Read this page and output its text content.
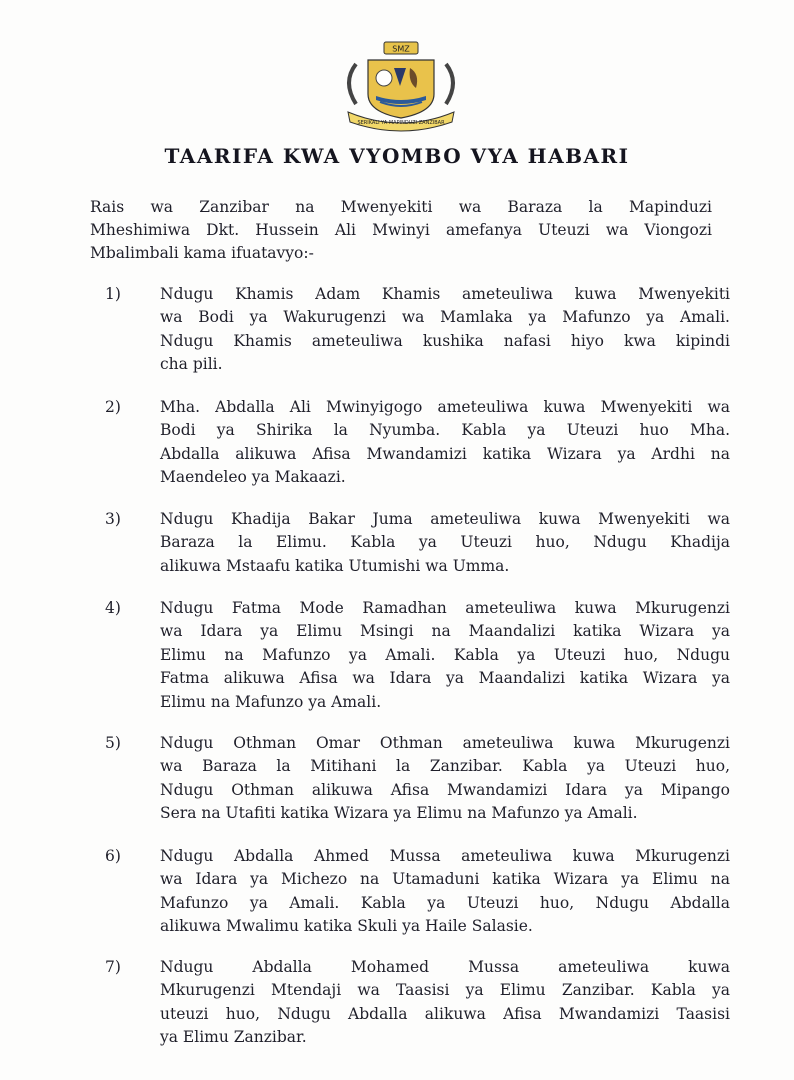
SMZ
SERIKALI YA MAPINDUZI ZANZIBAR
TAARIFA KWA VYOMBO VYA HABARI
Rais wa Zanzibar na Mwenyekiti wa Baraza la Mapinduzi
Mheshimiwa Dkt. Hussein Ali Mwinyi amefanya Uteuzi wa Viongozi
Mbalimbali kama ifuatavyo:-
1)	Ndugu Khamis Adam Khamis ameteuliwa kuwa Mwenyekiti
wa Bodi ya Wakurugenzi wa Mamlaka ya Mafunzo ya Amali.
Ndugu Khamis ameteuliwa kushika nafasi hiyo kwa kipindi
cha pili.
2)	Mha. Abdalla Ali Mwinyigogo ameteuliwa kuwa Mwenyekiti wa
Bodi ya Shirika la Nyumba. Kabla ya Uteuzi huo Mha.
Abdalla alikuwa Afisa Mwandamizi katika Wizara ya Ardhi na
Maendeleo ya Makaazi.
3)	Ndugu Khadija Bakar Juma ameteuliwa kuwa Mwenyekiti wa
Baraza la Elimu. Kabla ya Uteuzi huo, Ndugu Khadija
alikuwa Mstaafu katika Utumishi wa Umma.
4)	Ndugu Fatma Mode Ramadhan ameteuliwa kuwa Mkurugenzi
wa Idara ya Elimu Msingi na Maandalizi katika Wizara ya
Elimu na Mafunzo ya Amali. Kabla ya Uteuzi huo, Ndugu
Fatma alikuwa Afisa wa Idara ya Maandalizi katika Wizara ya
Elimu na Mafunzo ya Amali.
5)	Ndugu Othman Omar Othman ameteuliwa kuwa Mkurugenzi
wa Baraza la Mitihani la Zanzibar. Kabla ya Uteuzi huo,
Ndugu Othman alikuwa Afisa Mwandamizi Idara ya Mipango
Sera na Utafiti katika Wizara ya Elimu na Mafunzo ya Amali.
6)	Ndugu Abdalla Ahmed Mussa ameteuliwa kuwa Mkurugenzi
wa Idara ya Michezo na Utamaduni katika Wizara ya Elimu na
Mafunzo ya Amali. Kabla ya Uteuzi huo, Ndugu Abdalla
alikuwa Mwalimu katika Skuli ya Haile Salasie.
7)	Ndugu Abdalla Mohamed Mussa ameteuliwa kuwa
Mkurugenzi Mtendaji wa Taasisi ya Elimu Zanzibar. Kabla ya
uteuzi huo, Ndugu Abdalla alikuwa Afisa Mwandamizi Taasisi
ya Elimu Zanzibar.
